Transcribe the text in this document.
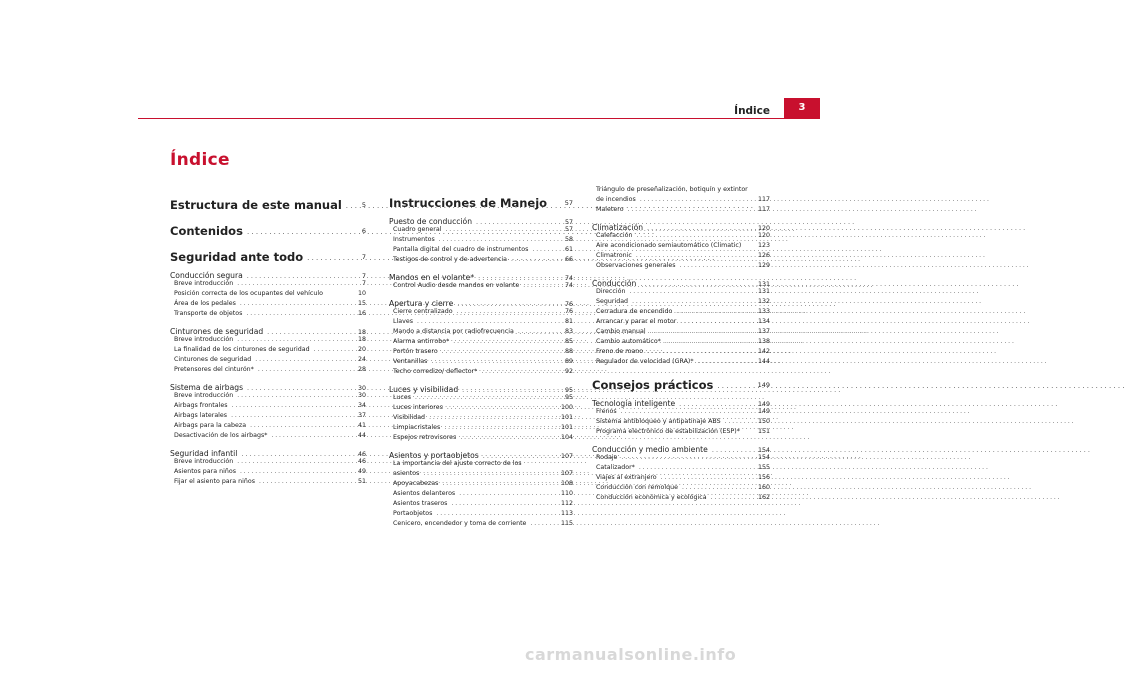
Índice	3
Índice
Estructura de este manual . . .	5
Contenidos . . .	6
Seguridad ante todo . . .	7
Conducción segura . . .	7
Breve introducción . . .	7
Posición correcta de los ocupantes del vehículo	10
Área de los pedales . . .	15
Transporte de objetos . . .	16
Cinturones de seguridad . . .	18
Breve introducción . . .	18
La finalidad de los cinturones de seguridad . . .	20
Cinturones de seguridad . . .	24
Pretensores del cinturón* . . .	28
Sistema de airbags . . .	30
Breve introducción . . .	30
Airbags frontales . . .	34
Airbags laterales . . .	37
Airbags para la cabeza . . .	41
Desactivación de los airbags* . . .	44
Seguridad infantil . . .	46
Breve introducción . . .	46
Asientos para niños . . .	49
Fijar el asiento para niños . . .	51
Instrucciones de Manejo	57
Puesto de conducción . . .	57
Cuadro general . . .	57
Instrumentos . . .	58
Pantalla digital del cuadro de instrumentos . . .	61
Testigos de control y de advertencia . . .	66
Mandos en el volante* . . .	74
Control Audio desde mandos en volante . . .	74
Apertura y cierre . . .	76
Cierre centralizado . . .	76
Llaves . . .	81
Mando a distancia por radiofrecuencia . . .	83
Alarma antirrobo* . . .	85
Portón trasero . . .	88
Ventanillas . . .	89
Techo corredizo/ deflector* . . .	92
Luces y visibilidad . . .	95
Luces . . .	95
Luces interiores . . .	100
Visibilidad . . .	101
Limpiacristales . . .	101
Espejos retrovisores . . .	104
Asientos y portaobjetos . . .	107
La importancia del ajuste correcto de los
asientos . . .	107
Apoyacabezas . . .	108
Asientos delanteros . . .	110
Asientos traseros . . .	112
Portaobjetos . . .	113
Cenicero, encendedor y toma de corriente . . .	115
Triángulo de preseñalización, botiquín y extintor
de incendios . . .	117
Maletero . . .	117
Climatización . . .	120
Calefacción . . .	120
Aire acondicionado semiautomático (Climatic)	123
Climatronic . . .	126
Observaciones generales . . .	129
Conducción . . .	131
Dirección . . .	131
Seguridad . . .	132
Cerradura de encendido . . .	133
Arrancar y parar el motor . . .	134
Cambio manual . . .	137
Cambio automático* . . .	138
Freno de mano . . .	142
Regulador de velocidad (GRA)* . . .	144
Consejos prácticos . . .	149
Tecnología inteligente . . .	149
Frenos . . .	149
Sistema antibloqueo y antipatinaje ABS . . .	150
Programa electrónico de estabilización (ESP)*	151
Conducción y medio ambiente . . .	154
Rodaje . . .	154
Catalizador* . . .	155
Viajes al extranjero . . .	156
Conducción con remolque . . .	160
Conducción económica y ecológica . . .	162
carmanualsonline.info
